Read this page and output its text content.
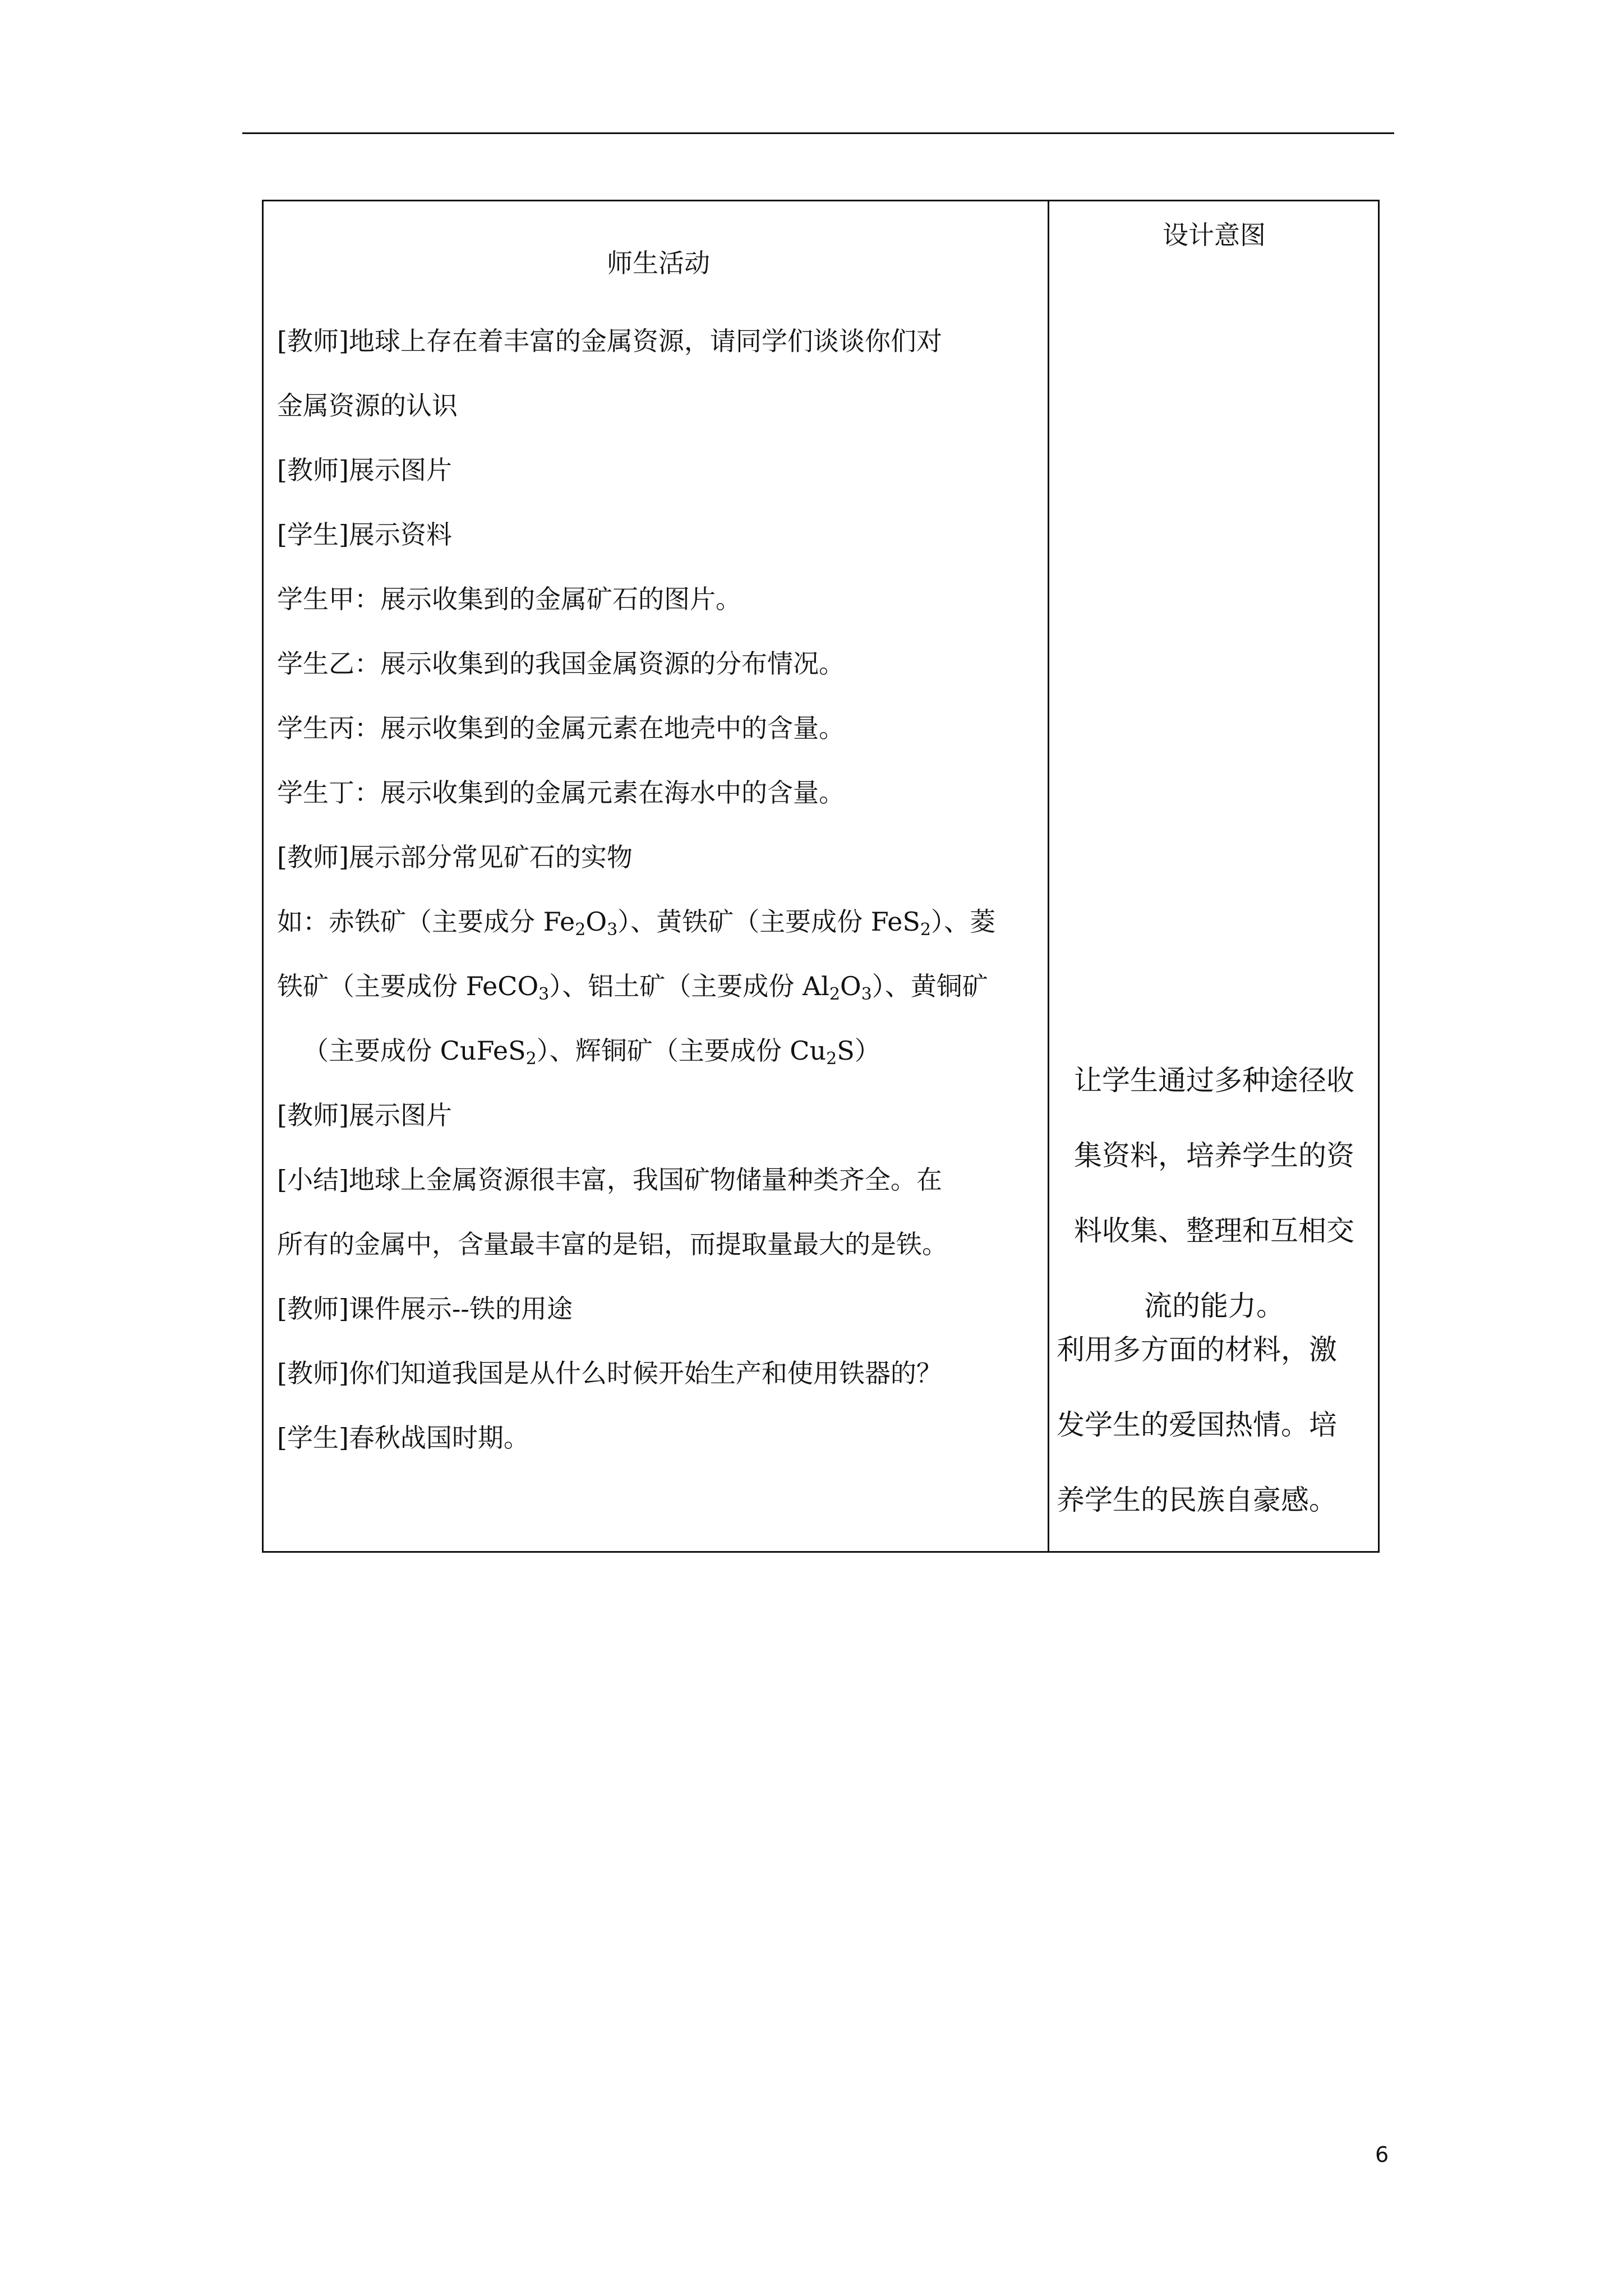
师生活动
[教师]地球上存在着丰富的金属资源，请同学们谈谈你们对
金属资源的认识
[教师]展示图片
[学生]展示资料
学生甲：展示收集到的金属矿石的图片。
学生乙：展示收集到的我国金属资源的分布情况。
学生丙：展示收集到的金属元素在地壳中的含量。
学生丁：展示收集到的金属元素在海水中的含量。
[教师]展示部分常见矿石的实物
如：赤铁矿（主要成分 $Fe_2O_3$）、黄铁矿（主要成份 FeS$_2$）、菱
铁矿（主要成份 FeCO$_3$）、铝土矿（主要成份 $Al_2O_3$）、黄铜矿
（主要成份 CuFeS$_2$）、辉铜矿（主要成份 $Cu_2S$）
[教师]展示图片
[小结]地球上金属资源很丰富，我国矿物储量种类齐全。在
所有的金属中，含量最丰富的是铝，而提取量最大的是铁。
[教师]课件展示--铁的用途
[教师]你们知道我国是从什么时候开始生产和使用铁器的？
[学生]春秋战国时期。
设计意图
让学生通过多种途径收
集资料，培养学生的资
料收集、整理和互相交
流的能力。
利用多方面的材料，激
发学生的爱国热情。培
养学生的民族自豪感。
6
